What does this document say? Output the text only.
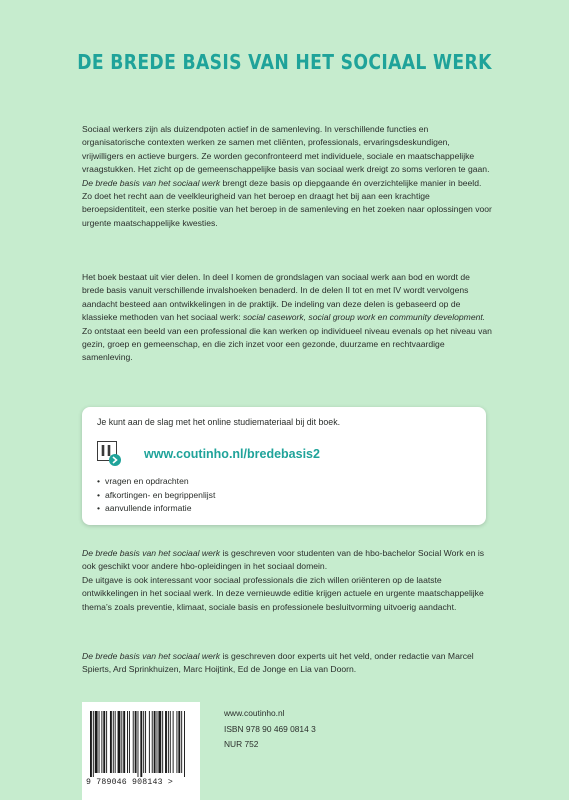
DE BREDE BASIS VAN HET SOCIAAL WERK

Sociaal werkers zijn als duizendpoten actief in de samenleving. In verschillende functies en organisatorische contexten werken ze samen met cliënten, professionals, ervaringsdeskundigen, vrijwilligers en actieve burgers. Ze worden geconfronteerd met individuele, sociale en maatschappelijke vraagstukken. Het zicht op de gemeenschappelijke basis van sociaal werk dreigt zo soms verloren te gaan. De brede basis van het sociaal werk brengt deze basis op diepgaande én overzichtelijke manier in beeld. Zo doet het recht aan de veelkleurigheid van het beroep en draagt het bij aan een krachtige beroepsidentiteit, een sterke positie van het beroep in de samenleving en het zoeken naar oplossingen voor urgente maatschappelijke kwesties.

Het boek bestaat uit vier delen. In deel I komen de grondslagen van sociaal werk aan bod en wordt de brede basis vanuit verschillende invalshoeken benaderd. In de delen II tot en met IV wordt vervolgens aandacht besteed aan ontwikkelingen in de praktijk. De indeling van deze delen is gebaseerd op de klassieke methoden van het sociaal werk: social casework, social group work en community development. Zo ontstaat een beeld van een professional die kan werken op individueel niveau evenals op het niveau van gezin, groep en gemeenschap, en die zich inzet voor een gezonde, duurzame en rechtvaardige samenleving.

Je kunt aan de slag met het online studiemateriaal bij dit boek.
www.coutinho.nl/bredebasis2
• vragen en opdrachten
• afkortingen- en begrippenlijst
• aanvullende informatie

De brede basis van het sociaal werk is geschreven voor studenten van de hbo-bachelor Social Work en is ook geschikt voor andere hbo-opleidingen in het sociaal domein.

De uitgave is ook interessant voor sociaal professionals die zich willen oriënteren op de laatste ontwikkelingen in het sociaal werk. In deze vernieuwde editie krijgen actuele en urgente maatschappelijke thema’s zoals preventie, klimaat, sociale basis en professionele besluitvorming uitvoerig aandacht.

De brede basis van het sociaal werk is geschreven door experts uit het veld, onder redactie van Marcel Spierts, Ard Sprinkhuizen, Marc Hoijtink, Ed de Jonge en Lia van Doorn.

9 789046 908143 >
www.coutinho.nl
ISBN 978 90 469 0814 3
NUR 752
